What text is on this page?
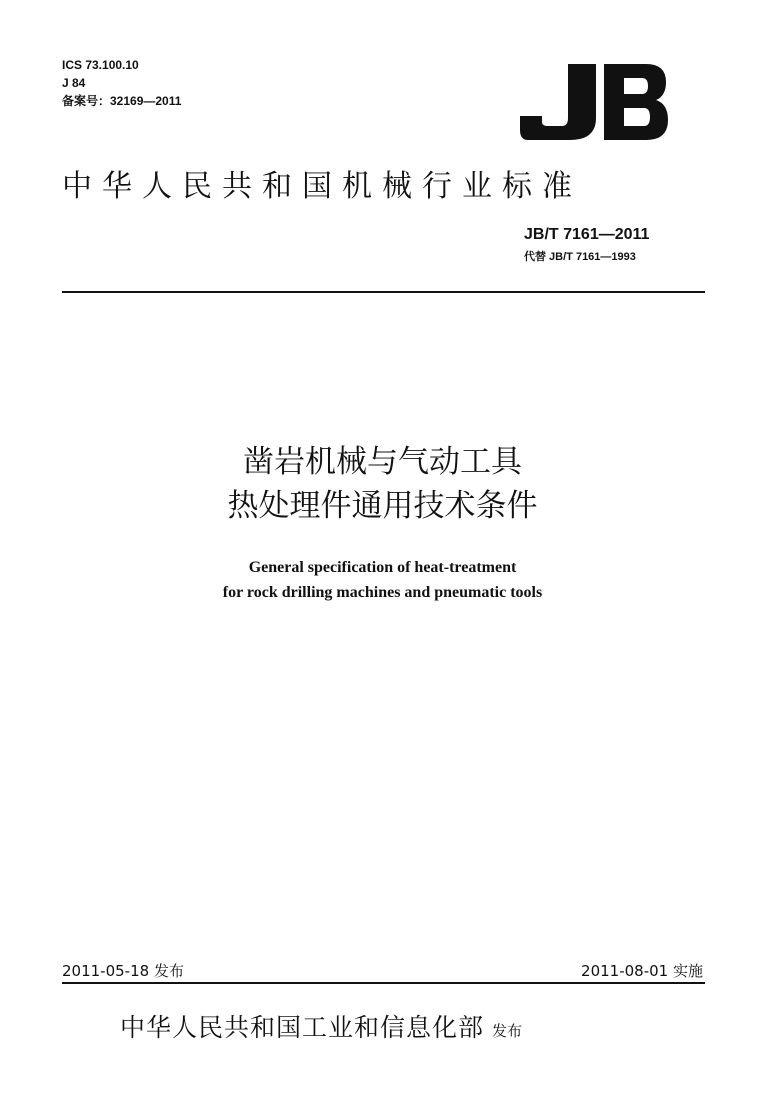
ICS 73.100.10
J 84
备案号：32169—2011
JB
中华人民共和国机械行业标准
JB/T 7161—2011
代替 JB/T 7161—1993
凿岩机械与气动工具
热处理件通用技术条件
General specification of heat-treatment
for rock drilling machines and pneumatic tools
2011-05-18 发布	2011-08-01 实施
中华人民共和国工业和信息化部 发布
